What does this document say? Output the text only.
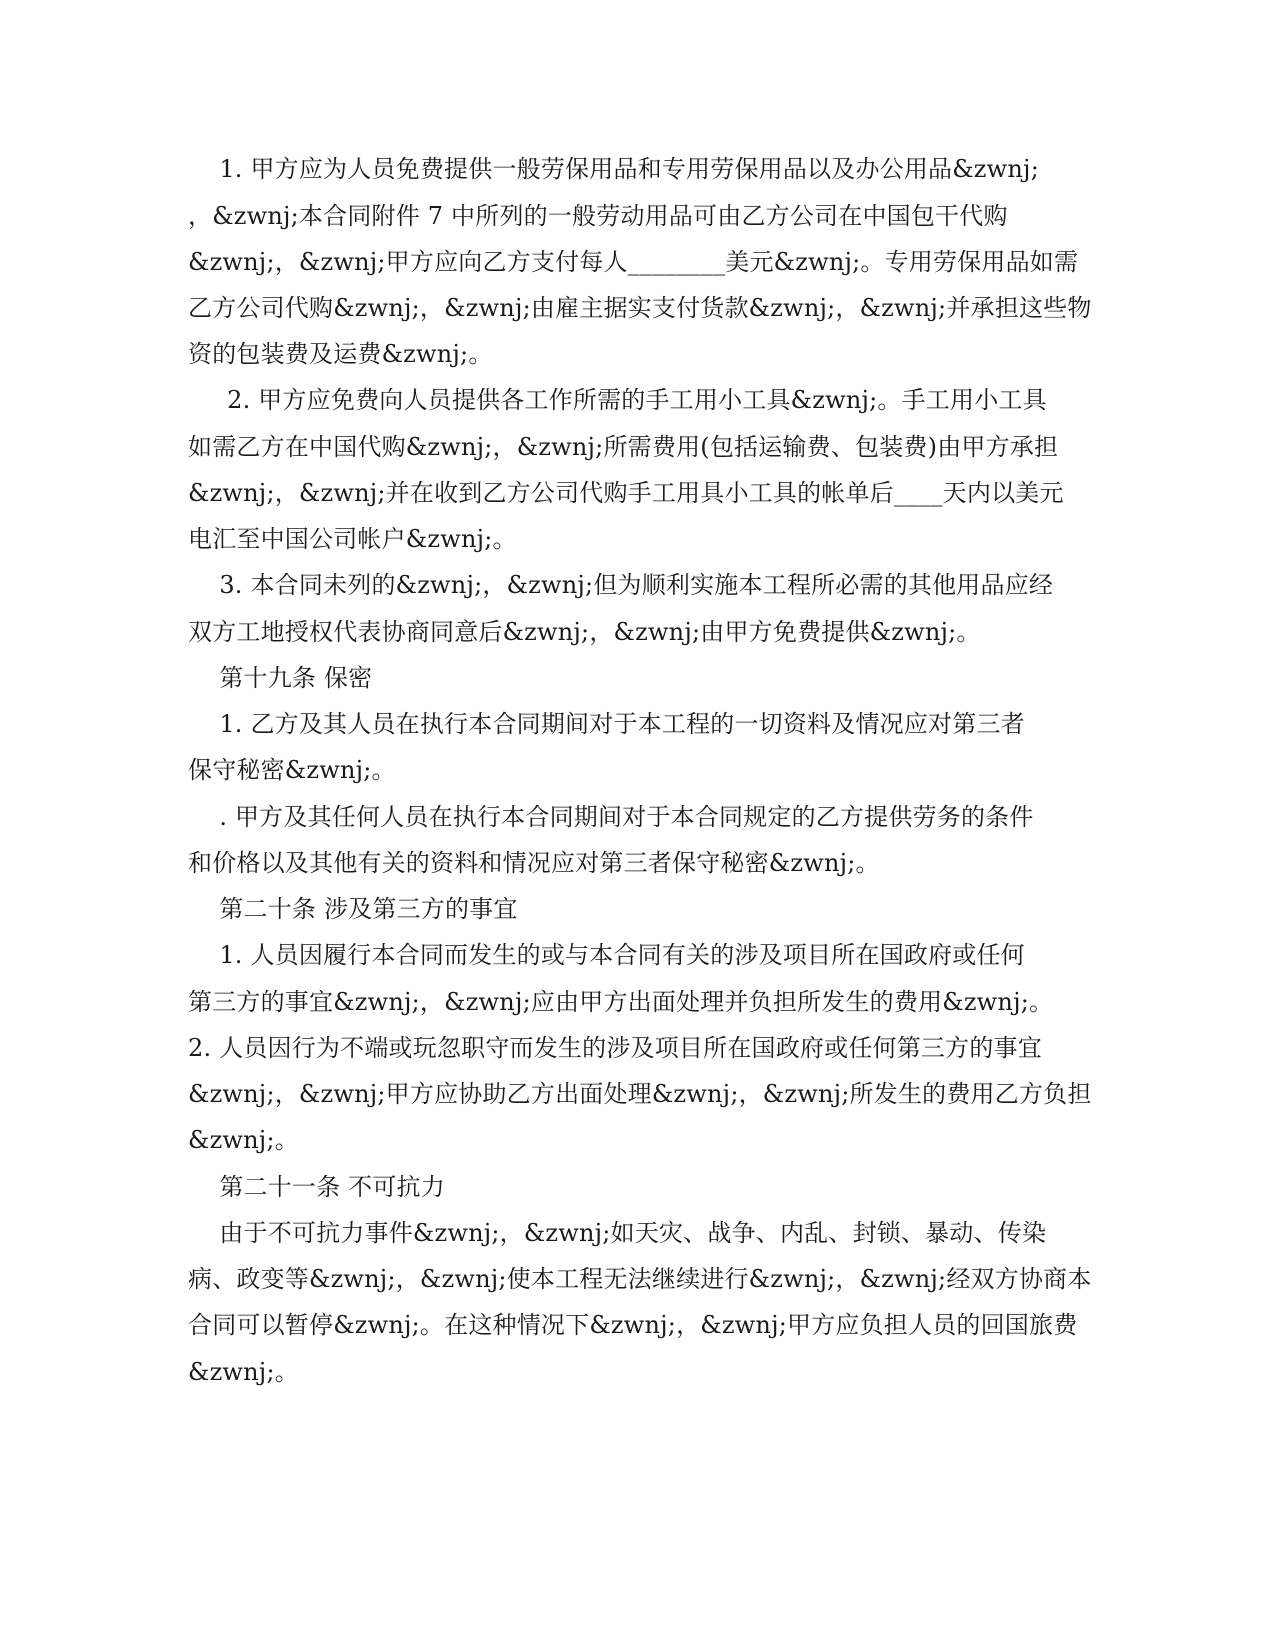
1. 甲方应为人员免费提供一般劳保用品和专用劳保用品以及办公用品&zwnj;
，&zwnj;本合同附件 7 中所列的一般劳动用品可由乙方公司在中国包干代购
&zwnj;，&zwnj;甲方应向乙方支付每人________美元&zwnj;。专用劳保用品如需
乙方公司代购&zwnj;，&zwnj;由雇主据实支付货款&zwnj;，&zwnj;并承担这些物
资的包装费及运费&zwnj;。
2. 甲方应免费向人员提供各工作所需的手工用小工具&zwnj;。手工用小工具
如需乙方在中国代购&zwnj;，&zwnj;所需费用(包括运输费、包装费)由甲方承担
&zwnj;，&zwnj;并在收到乙方公司代购手工用具小工具的帐单后____天内以美元
电汇至中国公司帐户&zwnj;。
3. 本合同未列的&zwnj;，&zwnj;但为顺利实施本工程所必需的其他用品应经
双方工地授权代表协商同意后&zwnj;，&zwnj;由甲方免费提供&zwnj;。
第十九条 保密
1. 乙方及其人员在执行本合同期间对于本工程的一切资料及情况应对第三者
保守秘密&zwnj;。
. 甲方及其任何人员在执行本合同期间对于本合同规定的乙方提供劳务的条件
和价格以及其他有关的资料和情况应对第三者保守秘密&zwnj;。
第二十条 涉及第三方的事宜
1. 人员因履行本合同而发生的或与本合同有关的涉及项目所在国政府或任何
第三方的事宜&zwnj;，&zwnj;应由甲方出面处理并负担所发生的费用&zwnj;。
2. 人员因行为不端或玩忽职守而发生的涉及项目所在国政府或任何第三方的事宜
&zwnj;，&zwnj;甲方应协助乙方出面处理&zwnj;，&zwnj;所发生的费用乙方负担
&zwnj;。
第二十一条 不可抗力
由于不可抗力事件&zwnj;，&zwnj;如天灾、战争、内乱、封锁、暴动、传染
病、政变等&zwnj;，&zwnj;使本工程无法继续进行&zwnj;，&zwnj;经双方协商本
合同可以暂停&zwnj;。在这种情况下&zwnj;，&zwnj;甲方应负担人员的回国旅费
&zwnj;。
